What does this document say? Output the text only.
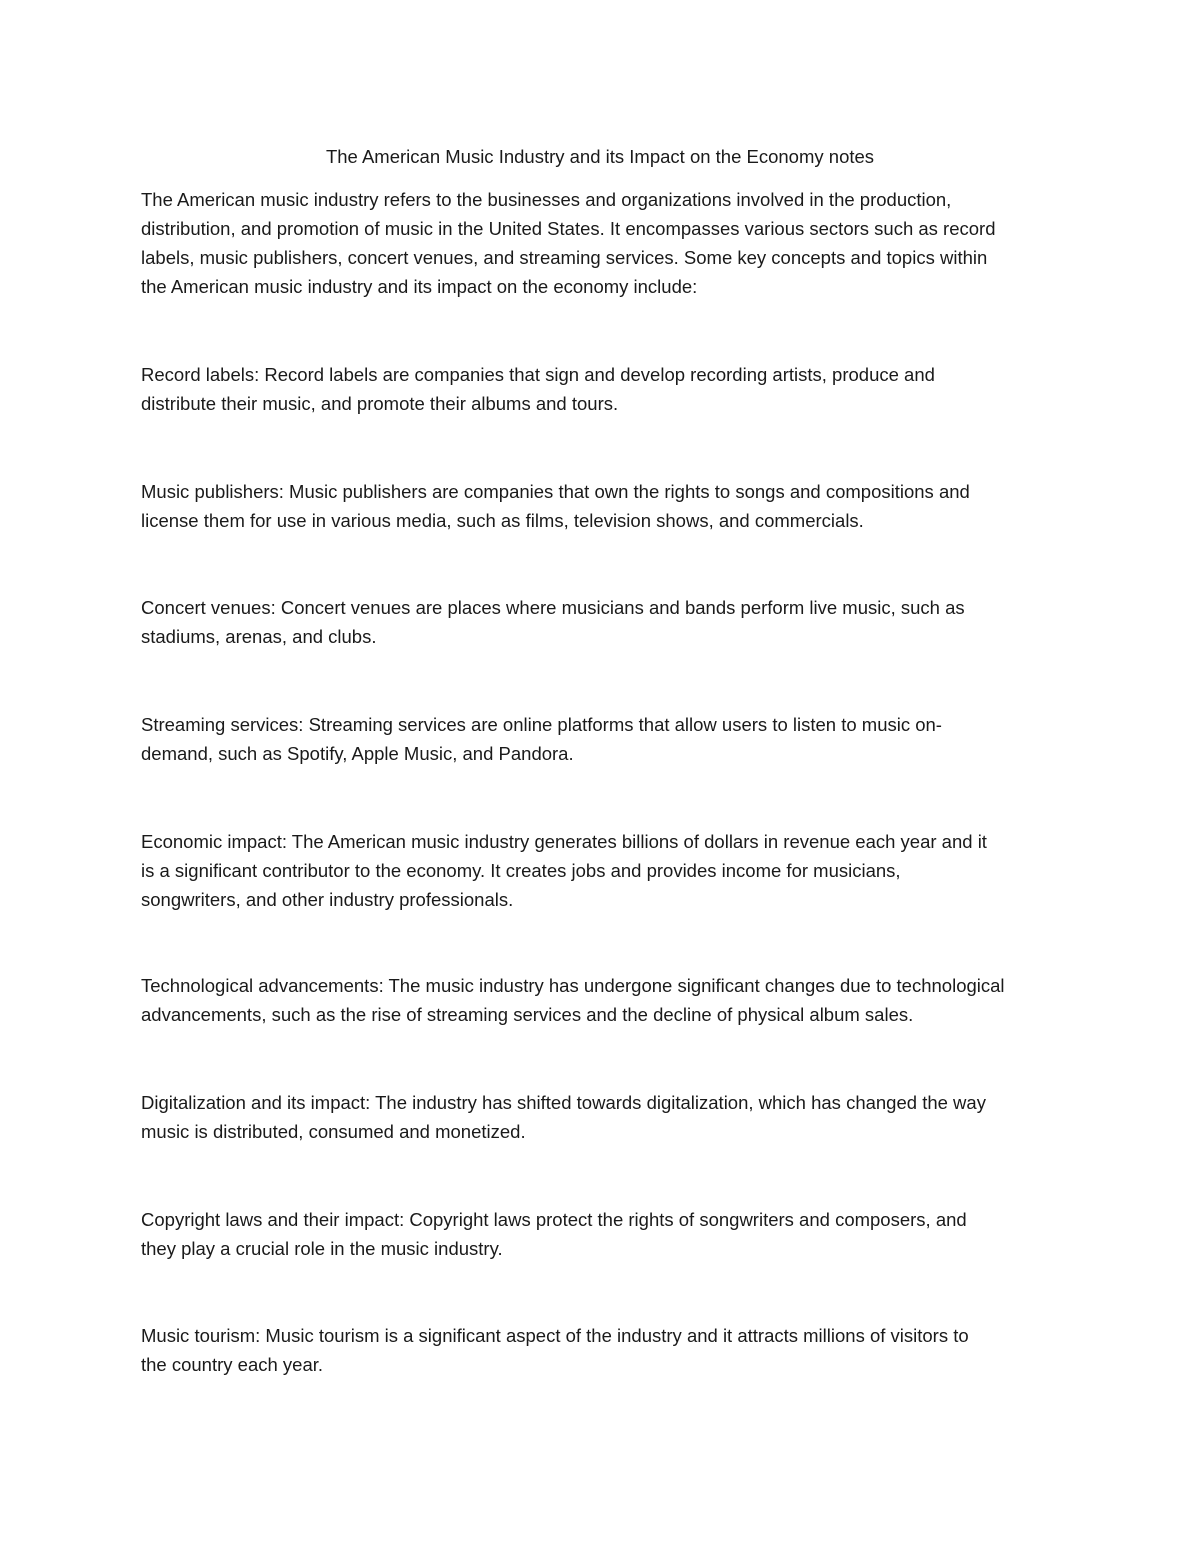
The American Music Industry and its Impact on the Economy notes

The American music industry refers to the businesses and organizations involved in the production,
distribution, and promotion of music in the United States. It encompasses various sectors such as record
labels, music publishers, concert venues, and streaming services. Some key concepts and topics within
the American music industry and its impact on the economy include:

Record labels: Record labels are companies that sign and develop recording artists, produce and
distribute their music, and promote their albums and tours.

Music publishers: Music publishers are companies that own the rights to songs and compositions and
license them for use in various media, such as films, television shows, and commercials.

Concert venues: Concert venues are places where musicians and bands perform live music, such as
stadiums, arenas, and clubs.

Streaming services: Streaming services are online platforms that allow users to listen to music on-
demand, such as Spotify, Apple Music, and Pandora.

Economic impact: The American music industry generates billions of dollars in revenue each year and it
is a significant contributor to the economy. It creates jobs and provides income for musicians,
songwriters, and other industry professionals.

Technological advancements: The music industry has undergone significant changes due to technological
advancements, such as the rise of streaming services and the decline of physical album sales.

Digitalization and its impact: The industry has shifted towards digitalization, which has changed the way
music is distributed, consumed and monetized.

Copyright laws and their impact: Copyright laws protect the rights of songwriters and composers, and
they play a crucial role in the music industry.

Music tourism: Music tourism is a significant aspect of the industry and it attracts millions of visitors to
the country each year.
